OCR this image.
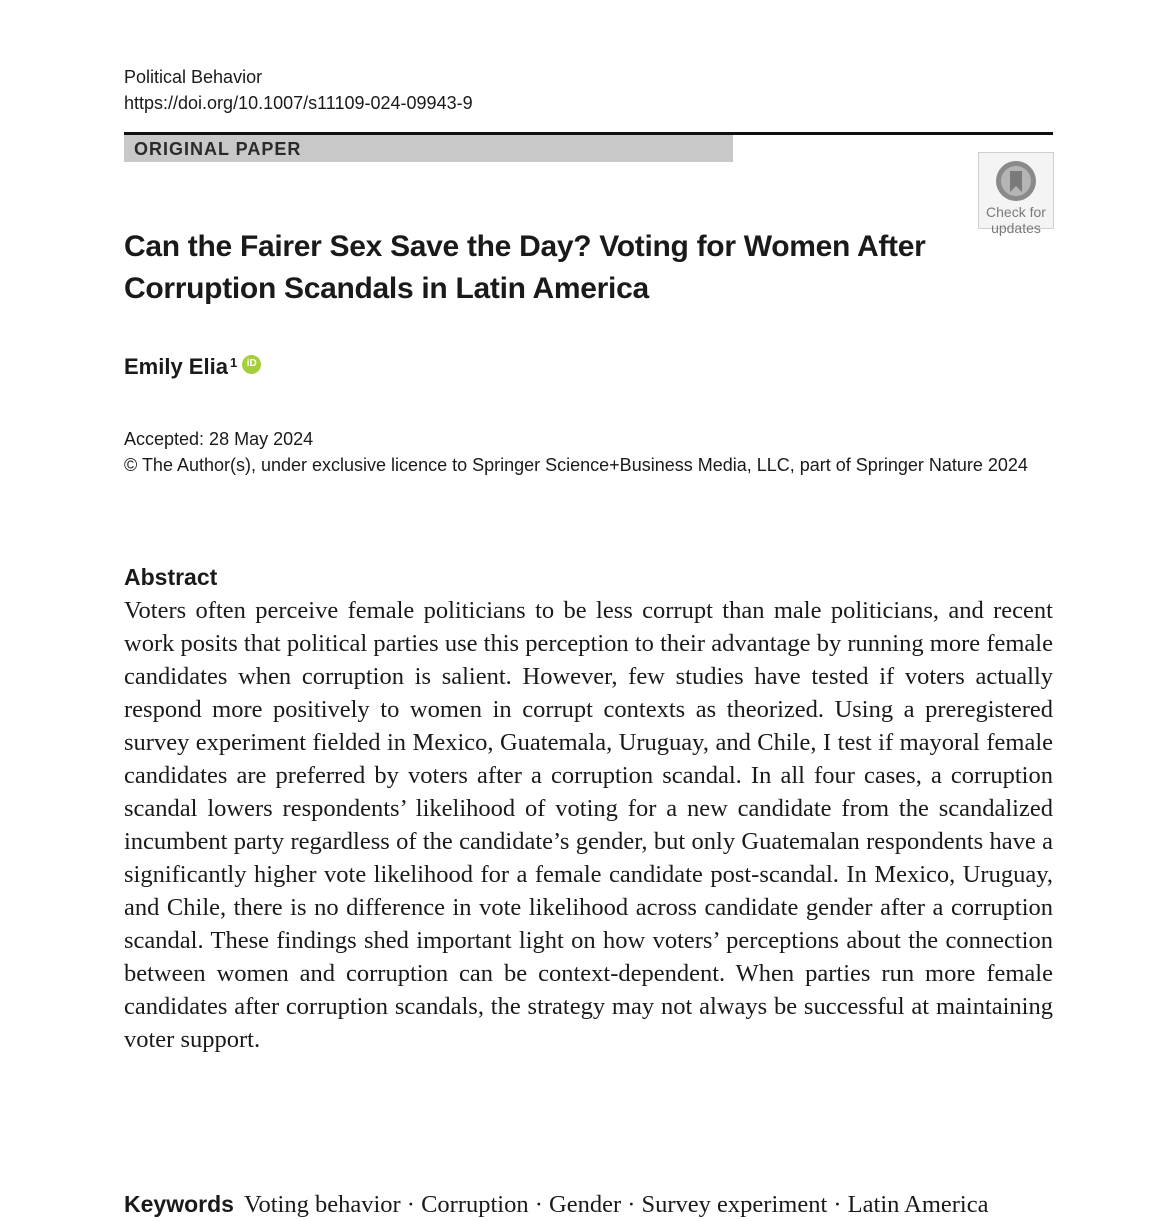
Political Behavior
https://doi.org/10.1007/s11109-024-09943-9
ORIGINAL PAPER
Check for
updates
Can the Fairer Sex Save the Day? Voting for Women After Corruption Scandals in Latin America
Emily Elia$^1$ iD
Accepted: 28 May 2024
© The Author(s), under exclusive licence to Springer Science+Business Media, LLC, part of Springer Nature 2024
Abstract

Voters often perceive female politicians to be less corrupt than male politicians, and recent work posits that political parties use this perception to their advantage by running more female candidates when corruption is salient. However, few studies have tested if voters actually respond more positively to women in corrupt contexts as theorized. Using a preregistered survey experiment fielded in Mexico, Guatemala, Uruguay, and Chile, I test if mayoral female candidates are preferred by voters after a corruption scandal. In all four cases, a corruption scandal lowers respondents’ likelihood of voting for a new candidate from the scandalized incumbent party regardless of the candidate’s gender, but only Guatemalan respondents have a significantly higher vote likelihood for a female candidate post-scandal. In Mexico, Uruguay, and Chile, there is no difference in vote likelihood across candidate gender after a corruption scandal. These findings shed important light on how voters’ perceptions about the connection between women and corruption can be context-dependent. When parties run more female candidates after corruption scandals, the strategy may not always be successful at maintaining voter support.

Keywords Voting behavior · Corruption · Gender · Survey experiment · Latin America
